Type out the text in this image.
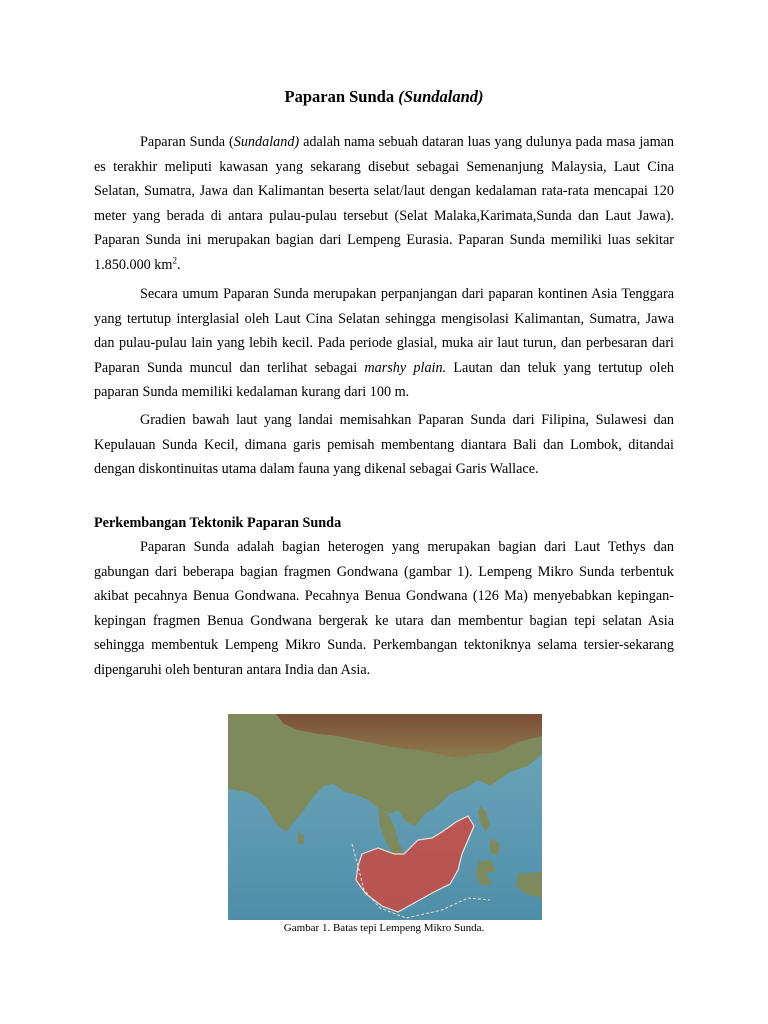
Paparan Sunda (Sundaland)

Paparan Sunda (Sundaland) adalah nama sebuah dataran luas yang dulunya pada masa jaman es terakhir meliputi kawasan yang sekarang disebut sebagai Semenanjung Malaysia, Laut Cina Selatan, Sumatra, Jawa dan Kalimantan beserta selat/laut dengan kedalaman rata-rata mencapai 120 meter yang berada di antara pulau-pulau tersebut (Selat Malaka,Karimata,Sunda dan Laut Jawa). Paparan Sunda ini merupakan bagian dari Lempeng Eurasia. Paparan Sunda memiliki luas sekitar 1.850.000 $km^2$.

Secara umum Paparan Sunda merupakan perpanjangan dari paparan kontinen Asia Tenggara yang tertutup interglasial oleh Laut Cina Selatan sehingga mengisolasi Kalimantan, Sumatra, Jawa dan pulau-pulau lain yang lebih kecil. Pada periode glasial, muka air laut turun, dan perbesaran dari Paparan Sunda muncul dan terlihat sebagai marshy plain. Lautan dan teluk yang tertutup oleh paparan Sunda memiliki kedalaman kurang dari 100 m.

Gradien bawah laut yang landai memisahkan Paparan Sunda dari Filipina, Sulawesi dan Kepulauan Sunda Kecil, dimana garis pemisah membentang diantara Bali dan Lombok, ditandai dengan diskontinuitas utama dalam fauna yang dikenal sebagai Garis Wallace.

Perkembangan Tektonik Paparan Sunda

Paparan Sunda adalah bagian heterogen yang merupakan bagian dari Laut Tethys dan gabungan dari beberapa bagian fragmen Gondwana (gambar 1). Lempeng Mikro Sunda terbentuk akibat pecahnya Benua Gondwana. Pecahnya Benua Gondwana (126 Ma) menyebabkan kepingan-kepingan fragmen Benua Gondwana bergerak ke utara dan membentur bagian tepi selatan Asia sehingga membentuk Lempeng Mikro Sunda. Perkembangan tektoniknya selama tersier-sekarang dipengaruhi oleh benturan antara India dan Asia.

Gambar 1. Batas tepi Lempeng Mikro Sunda.
